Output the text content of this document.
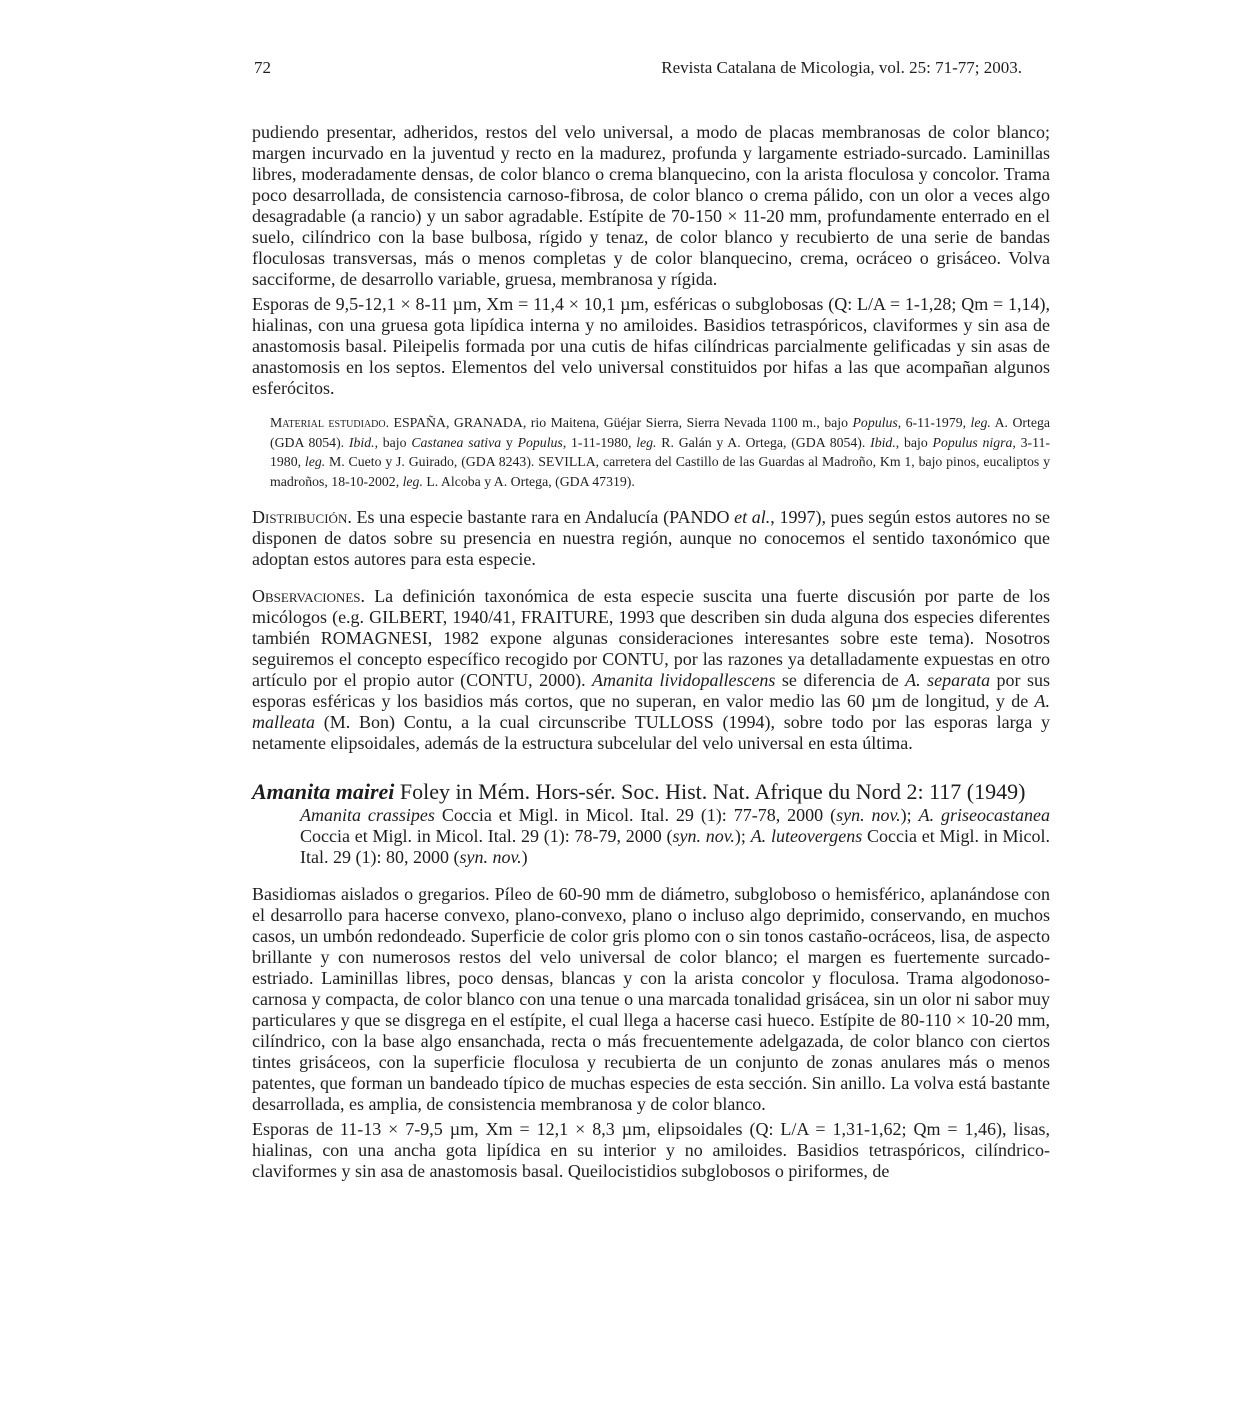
72	Revista Catalana de Micologia, vol. 25: 71-77; 2003.

pudiendo presentar, adheridos, restos del velo universal, a modo de placas membranosas de color blanco; margen incurvado en la juventud y recto en la madurez, profunda y largamente estriado-surcado. Laminillas libres, moderadamente densas, de color blanco o crema blanquecino, con la arista floculosa y concolor. Trama poco desarrollada, de consistencia carnoso-fibrosa, de color blanco o crema pálido, con un olor a veces algo desagradable (a rancio) y un sabor agradable. Estípite de 70-150 × 11-20 mm, profundamente enterrado en el suelo, cilíndrico con la base bulbosa, rígido y tenaz, de color blanco y recubierto de una serie de bandas floculosas transversas, más o menos completas y de color blanquecino, crema, ocráceo o grisáceo. Volva sacciforme, de desarrollo variable, gruesa, membranosa y rígida.

Esporas de 9,5-12,1 × 8-11 µm, Xm = 11,4 × 10,1 µm, esféricas o subglobosas (Q: L/A = 1-1,28; Qm = 1,14), hialinas, con una gruesa gota lipídica interna y no amiloides. Basidios tetraspóricos, claviformes y sin asa de anastomosis basal. Pileipelis formada por una cutis de hifas cilíndricas parcialmente gelificadas y sin asas de anastomosis en los septos. Elementos del velo universal constituidos por hifas a las que acompañan algunos esferócitos.

Material estudiado. ESPAÑA, GRANADA, rio Maitena, Güéjar Sierra, Sierra Nevada 1100 m., bajo Populus, 6-11-1979, leg. A. Ortega (GDA 8054). Ibid., bajo Castanea sativa y Populus, 1-11-1980, leg. R. Galán y A. Ortega, (GDA 8054). Ibid., bajo Populus nigra, 3-11-1980, leg. M. Cueto y J. Guirado, (GDA 8243). SEVILLA, carretera del Castillo de las Guardas al Madroño, Km 1, bajo pinos, eucaliptos y madroños, 18-10-2002, leg. L. Alcoba y A. Ortega, (GDA 47319).

Distribución. Es una especie bastante rara en Andalucía (PANDO et al., 1997), pues según estos autores no se disponen de datos sobre su presencia en nuestra región, aunque no conocemos el sentido taxonómico que adoptan estos autores para esta especie.

Observaciones. La definición taxonómica de esta especie suscita una fuerte discusión por parte de los micólogos (e.g. GILBERT, 1940/41, FRAITURE, 1993 que describen sin duda alguna dos especies diferentes también ROMAGNESI, 1982 expone algunas consideraciones interesantes sobre este tema). Nosotros seguiremos el concepto específico recogido por CONTU, por las razones ya detalladamente expuestas en otro artículo por el propio autor (CONTU, 2000). Amanita lividopallescens se diferencia de A. separata por sus esporas esféricas y los basidios más cortos, que no superan, en valor medio las 60 µm de longitud, y de A. malleata (M. Bon) Contu, a la cual circunscribe TULLOSS (1994), sobre todo por las esporas larga y netamente elipsoidales, además de la estructura subcelular del velo universal en esta última.

Amanita mairei Foley in Mém. Hors-sér. Soc. Hist. Nat. Afrique du Nord 2: 117 (1949)
Amanita crassipes Coccia et Migl. in Micol. Ital. 29 (1): 77-78, 2000 (syn. nov.); A. griseocastanea Coccia et Migl. in Micol. Ital. 29 (1): 78-79, 2000 (syn. nov.); A. luteovergens Coccia et Migl. in Micol. Ital. 29 (1): 80, 2000 (syn. nov.)

Basidiomas aislados o gregarios. Píleo de 60-90 mm de diámetro, subgloboso o hemisférico, aplanándose con el desarrollo para hacerse convexo, plano-convexo, plano o incluso algo deprimido, conservando, en muchos casos, un umbón redondeado. Superficie de color gris plomo con o sin tonos castaño-ocráceos, lisa, de aspecto brillante y con numerosos restos del velo universal de color blanco; el margen es fuertemente surcado-estriado. Laminillas libres, poco densas, blancas y con la arista concolor y floculosa. Trama algodonoso-carnosa y compacta, de color blanco con una tenue o una marcada tonalidad grisácea, sin un olor ni sabor muy particulares y que se disgrega en el estípite, el cual llega a hacerse casi hueco. Estípite de 80-110 × 10-20 mm, cilíndrico, con la base algo ensanchada, recta o más frecuentemente adelgazada, de color blanco con ciertos tintes grisáceos, con la superficie floculosa y recubierta de un conjunto de zonas anulares más o menos patentes, que forman un bandeado típico de muchas especies de esta sección. Sin anillo. La volva está bastante desarrollada, es amplia, de consistencia membranosa y de color blanco.

Esporas de 11-13 × 7-9,5 µm, Xm = 12,1 × 8,3 µm, elipsoidales (Q: L/A = 1,31-1,62; Qm = 1,46), lisas, hialinas, con una ancha gota lipídica en su interior y no amiloides. Basidios tetraspóricos, cilíndrico-claviformes y sin asa de anastomosis basal. Queilocistidios subglobosos o piriformes, de
